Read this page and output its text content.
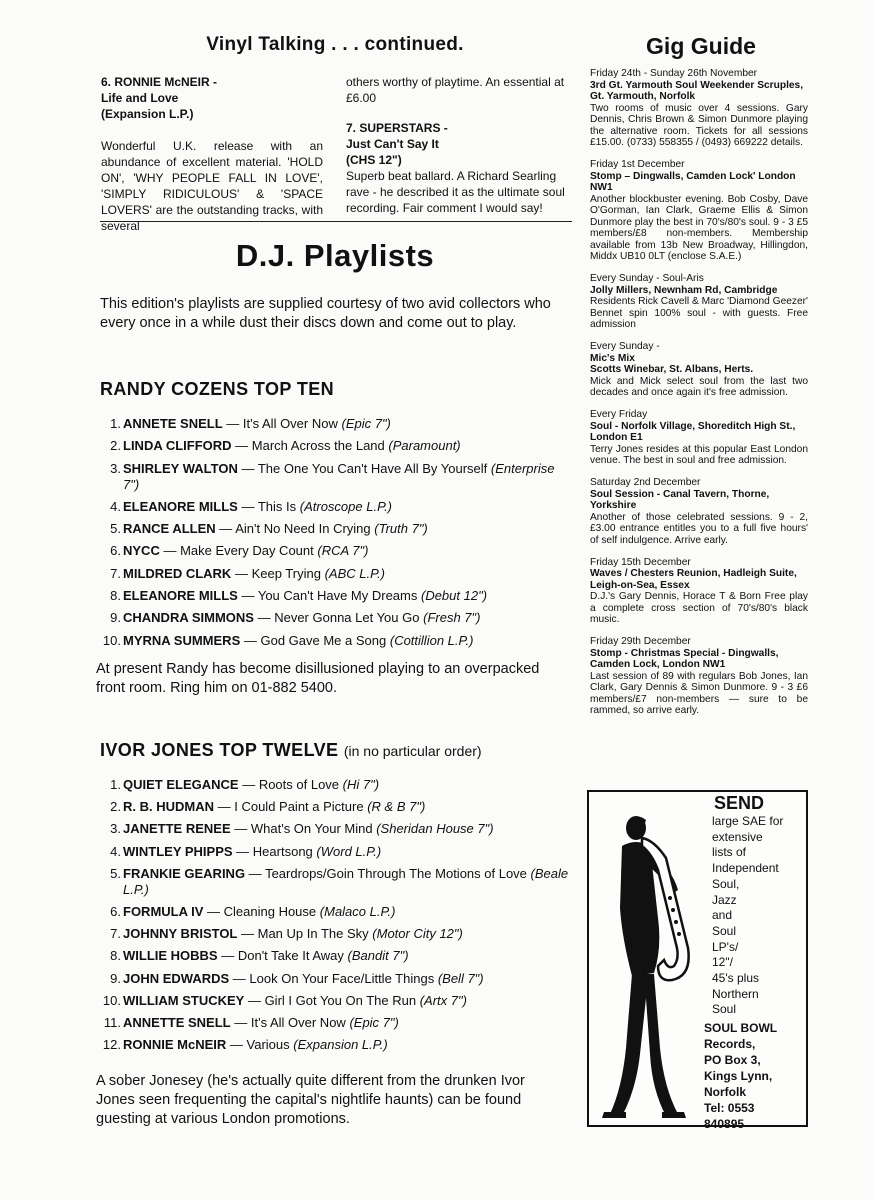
Vinyl Talking . . . continued.

6. RONNIE McNEIR -
Life and Love
(Expansion L.P.)

Wonderful U.K. release with an abundance of excellent material. 'HOLD ON', 'WHY PEOPLE FALL IN LOVE', 'SIMPLY RIDICULOUS' & 'SPACE LOVERS' are the outstanding tracks, with several

others worthy of playtime. An essential at £6.00

7. SUPERSTARS -
Just Can't Say It
(CHS 12")

Superb beat ballard. A Richard Searling rave - he described it as the ultimate soul recording. Fair comment I would say!

D.J. Playlists
This edition's playlists are supplied courtesy of two avid collectors who every once in a while dust their discs down and come out to play.
RANDY COZENS TOP TEN
1. ANNETE SNELL — It's All Over Now (Epic 7")
2. LINDA CLIFFORD — March Across the Land (Paramount)
3. SHIRLEY WALTON — The One You Can't Have All By Yourself (Enterprise 7")
4. ELEANORE MILLS — This Is (Atroscope L.P.)
5. RANCE ALLEN — Ain't No Need In Crying (Truth 7")
6. NYCC — Make Every Day Count (RCA 7")
7. MILDRED CLARK — Keep Trying (ABC L.P.)
8. ELEANORE MILLS — You Can't Have My Dreams (Debut 12")
9. CHANDRA SIMMONS — Never Gonna Let You Go (Fresh 7")
10. MYRNA SUMMERS — God Gave Me a Song (Cottillion L.P.)
At present Randy has become disillusioned playing to an overpacked front room. Ring him on 01-882 5400.
IVOR JONES TOP TWELVE (in no particular order)
1. QUIET ELEGANCE — Roots of Love (Hi 7")
2. R. B. HUDMAN — I Could Paint a Picture (R & B 7")
3. JANETTE RENEE — What's On Your Mind (Sheridan House 7")
4. WINTLEY PHIPPS — Heartsong (Word L.P.)
5. FRANKIE GEARING — Teardrops/Goin Through The Motions of Love (Beale L.P.)
6. FORMULA IV — Cleaning House (Malaco L.P.)
7. JOHNNY BRISTOL — Man Up In The Sky (Motor City 12")
8. WILLIE HOBBS — Don't Take It Away (Bandit 7")
9. JOHN EDWARDS — Look On Your Face/Little Things (Bell 7")
10. WILLIAM STUCKEY — Girl I Got You On The Run (Artx 7")
11. ANNETTE SNELL — It's All Over Now (Epic 7")
12. RONNIE McNEIR — Various (Expansion L.P.)
A sober Jonesey (he's actually quite different from the drunken Ivor Jones seen frequenting the capital's nightlife haunts) can be found guesting at various London promotions.
Gig Guide
Friday 24th - Sunday 26th November
3rd Gt. Yarmouth Soul Weekender Scruples, Gt. Yarmouth, Norfolk
Two rooms of music over 4 sessions. Gary Dennis, Chris Brown & Simon Dunmore playing the alternative room. Tickets for all sessions £15.00. (0733) 558355 / (0493) 669222 details.
Friday 1st December
Stomp – Dingwalls, Camden Lock' London NW1
Another blockbuster evening. Bob Cosby, Dave O'Gorman, Ian Clark, Graeme Ellis & Simon Dunmore play the best in 70's/80's soul. 9 - 3 £5 members/£8 non-members. Membership available from 13b New Broadway, Hillingdon, Middx UB10 0LT (enclose S.A.E.)
Every Sunday - Soul-Aris
Jolly Millers, Newnham Rd, Cambridge
Residents Rick Cavell & Marc 'Diamond Geezer' Bennet spin 100% soul - with guests. Free admission
Every Sunday -
Mic's Mix
Scotts Winebar, St. Albans, Herts.
Mick and Mick select soul from the last two decades and once again it's free admission.
Every Friday
Soul - Norfolk Village, Shoreditch High St., London E1
Terry Jones resides at this popular East London venue. The best in soul and free admission.
Saturday 2nd December
Soul Session - Canal Tavern, Thorne, Yorkshire
Another of those celebrated sessions. 9 - 2, £3.00 entrance entitles you to a full five hours' of self indulgence. Arrive early.
Friday 15th December
Waves / Chesters Reunion, Hadleigh Suite, Leigh-on-Sea, Essex
D.J.'s Gary Dennis, Horace T & Born Free play a complete cross section of 70's/80's black music.
Friday 29th December
Stomp - Christmas Special - Dingwalls, Camden Lock, London NW1
Last session of 89 with regulars Bob Jones, Ian Clark, Gary Dennis & Simon Dunmore. 9 - 3 £6 members/£7 non-members — sure to be rammed, so arrive early.
SEND
large SAE for
extensive
lists of
Independent
Soul,
Jazz
and
Soul
LP's/
12"/
45's plus
Northern
Soul
SOUL BOWL
Records,
PO Box 3,
Kings Lynn,
Norfolk
Tel: 0553
840895
